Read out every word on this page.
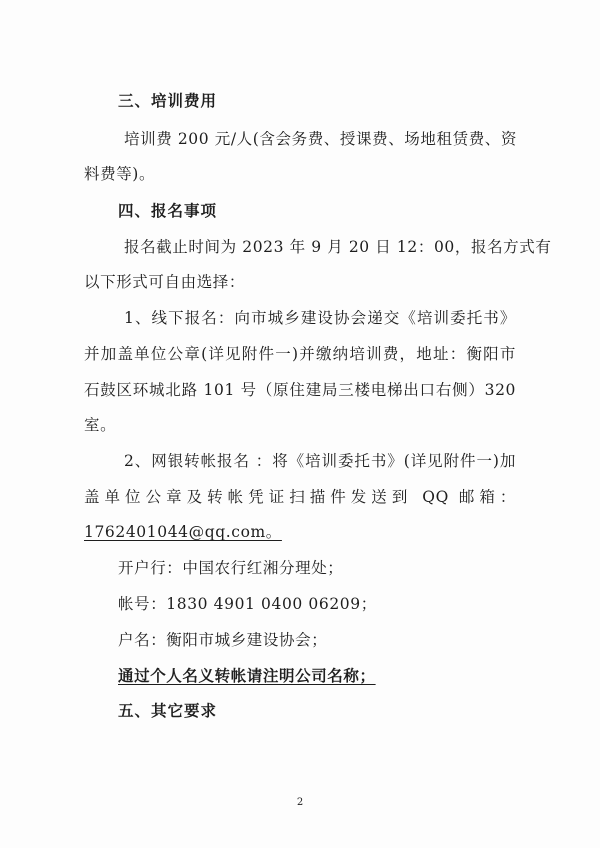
三、培训费用
培训费 200 元/人(含会务费、授课费、场地租赁费、资
料费等)。
四、报名事项
报名截止时间为 2023 年 9 月 20 日 12：00，报名方式有
以下形式可自由选择：
1、线下报名：向市城乡建设协会递交《培训委托书》
并加盖单位公章(详见附件一)并缴纳培训费，地址：衡阳市
石鼓区环城北路 101 号（原住建局三楼电梯出口右侧）320
室。
2、网银转帐报名 ：将《培训委托书》(详见附件一)加
盖单位公章及转帐凭证扫描件发送到 QQ 邮箱：
1762401044@qq.com。
开户行：中国农行红湘分理处；
帐号：1830 4901 0400 06209；
户名：衡阳市城乡建设协会；
通过个人名义转帐请注明公司名称；
五、其它要求
2
